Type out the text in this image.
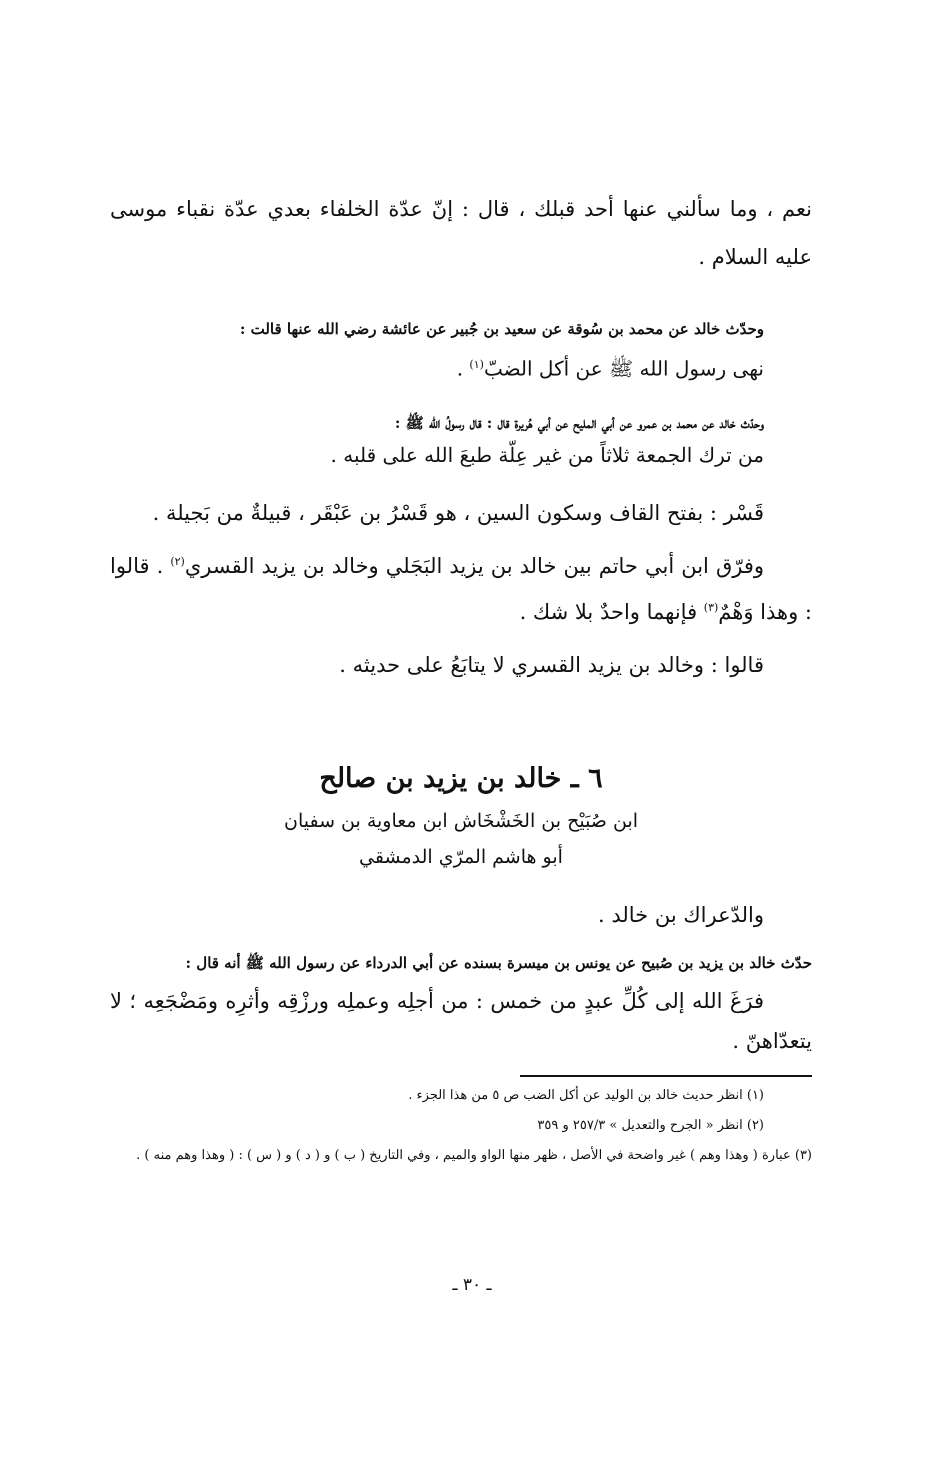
نعم ، وما سألني عنها أحد قبلك ، قال : إنّ عدّة الخلفاء بعدي عدّة نقباء موسى عليه السلام .

وحدّث خالد عن محمد بن سُوقة عن سعيد بن جُبير عن عائشة رضي الله عنها قالت :

نهى رسول الله ﷺ عن أكل الضبّ$^{(١)}$ .

وحدّث خالد عن محمد بن عمرو عن أبي المليح عن أبي هُريرة قال : قال رسولُ الله ﷺ :

من ترك الجمعة ثلاثاً من غير عِلّة طبعَ الله على قلبه .

قَسْر : بفتح القاف وسكون السين ، هو قَسْرُ بن عَبْقَر ، قبيلةٌ من بَجيلة .

وفرّق ابن أبي حاتم بين خالد بن يزيد البَجَلي وخالد بن يزيد القسري$^{(٢)}$ . قالوا : وهذا وَهْمٌ$^{(٣)}$ فإنهما واحدٌ بلا شك .

قالوا : وخالد بن يزيد القسري لا يتابَعُ على حديثه .

٦ ـ خالد بن يزيد بن صالح

ابن صُبَيْح بن الخَشْخَاش ابن معاوية بن سفيان

أبو هاشم المرّي الدمشقي

والدّعراك بن خالد .

حدّث خالد بن يزيد بن صُبيح عن يونس بن ميسرة بسنده عن أبي الدرداء عن رسول الله ﷺ أنه قال :

فرَغَ الله إلى كُلِّ عبدٍ من خمس : من أجلِه وعملِه ورزْقِه وأثرِه ومَضْجَعِه ؛ لا يتعدّاهنّ .

(١) انظر حديث خالد بن الوليد عن أكل الضب ص ٥ من هذا الجزء .

(٢) انظر « الجرح والتعديل » ٢٥٧/٣ و ٣٥٩

(٣) عبارة ( وهذا وهم ) غير واضحة في الأصل ، ظهر منها الواو والميم ، وفي التاريخ ( ب ) و ( د ) و ( س ) : ( وهذا وهم منه ) .

ـ ٣٠ ـ
